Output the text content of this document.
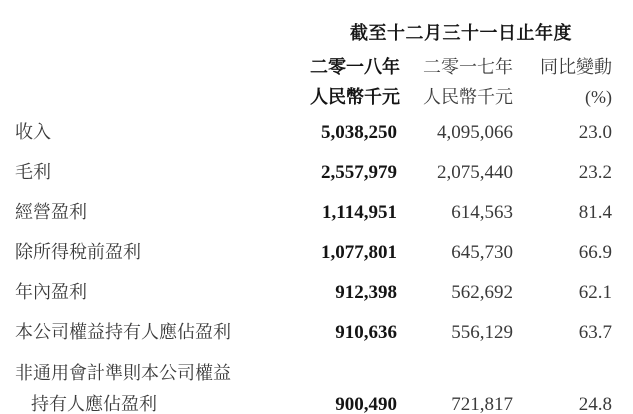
	截至十二月三十一日止年度		
	二零一八年	二零一七年	同比變動
	人民幣千元	人民幣千元	(%)
收入	5,038,250	4,095,066	23.0
毛利	2,557,979	2,075,440	23.2
經營盈利	1,114,951	614,563	81.4
除所得稅前盈利	1,077,801	645,730	66.9
年內盈利	912,398	562,692	62.1
本公司權益持有人應佔盈利	910,636	556,129	63.7

非通用會計準則本公司權益
持有人應佔盈利	900,490	721,817	24.8
